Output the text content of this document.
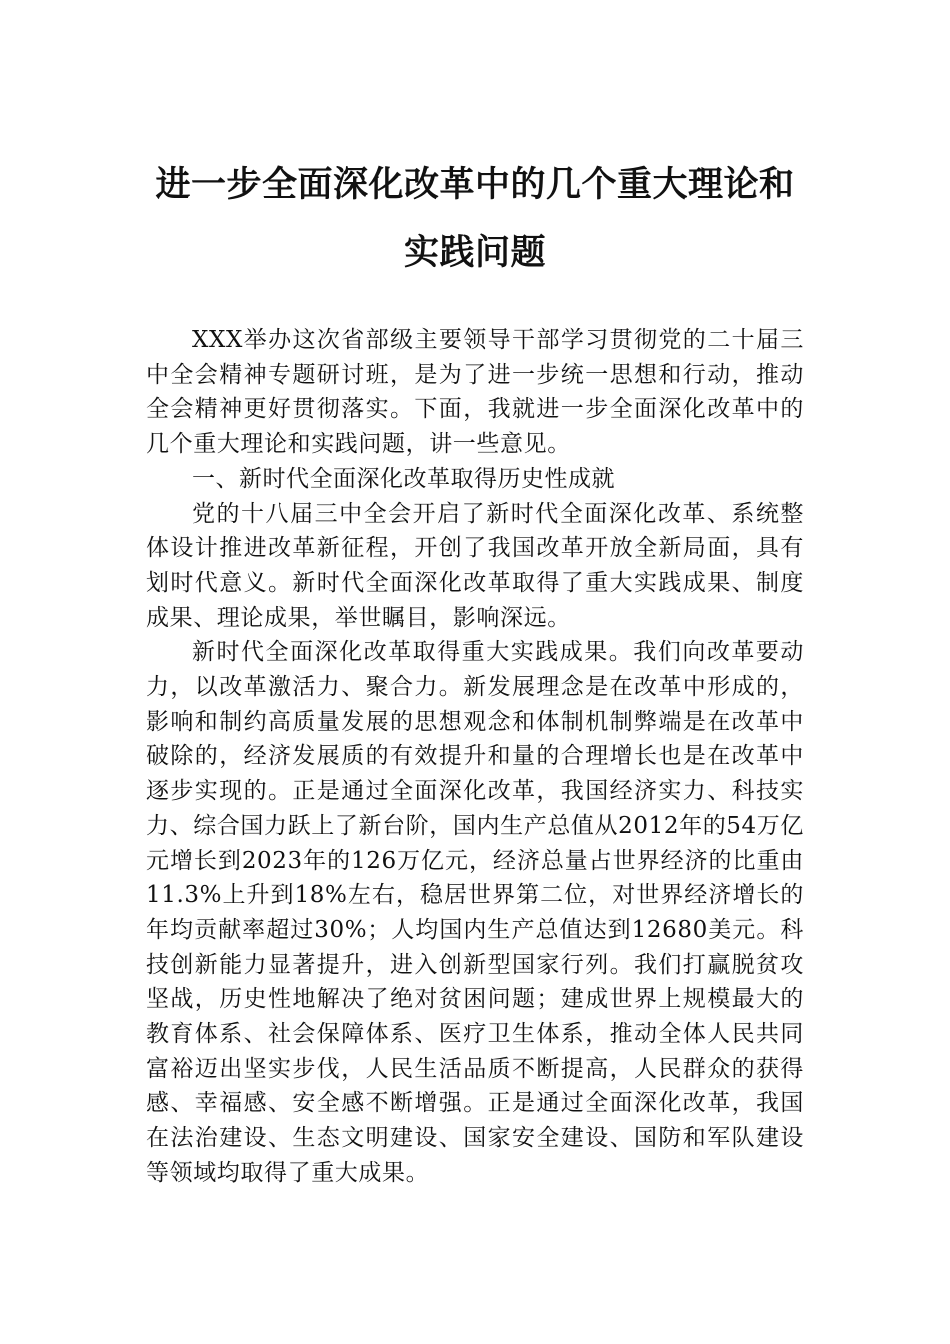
进一步全面深化改革中的几个重大理论和
实践问题

XXX举办这次省部级主要领导干部学习贯彻党的二十届三中全会精神专题研讨班，是为了进一步统一思想和行动，推动全会精神更好贯彻落实。下面，我就进一步全面深化改革中的几个重大理论和实践问题，讲一些意见。

一、新时代全面深化改革取得历史性成就

党的十八届三中全会开启了新时代全面深化改革、系统整体设计推进改革新征程，开创了我国改革开放全新局面，具有划时代意义。新时代全面深化改革取得了重大实践成果、制度成果、理论成果，举世瞩目，影响深远。

新时代全面深化改革取得重大实践成果。我们向改革要动力，以改革激活力、聚合力。新发展理念是在改革中形成的，影响和制约高质量发展的思想观念和体制机制弊端是在改革中破除的，经济发展质的有效提升和量的合理增长也是在改革中逐步实现的。正是通过全面深化改革，我国经济实力、科技实力、综合国力跃上了新台阶，国内生产总值从2012年的54万亿元增长到2023年的126万亿元，经济总量占世界经济的比重由11.3%上升到18%左右，稳居世界第二位，对世界经济增长的年均贡献率超过30%；人均国内生产总值达到12680美元。科技创新能力显著提升，进入创新型国家行列。我们打赢脱贫攻坚战，历史性地解决了绝对贫困问题；建成世界上规模最大的教育体系、社会保障体系、医疗卫生体系，推动全体人民共同富裕迈出坚实步伐，人民生活品质不断提高，人民群众的获得感、幸福感、安全感不断增强。正是通过全面深化改革，我国在法治建设、生态文明建设、国家安全建设、国防和军队建设等领域均取得了重大成果。
